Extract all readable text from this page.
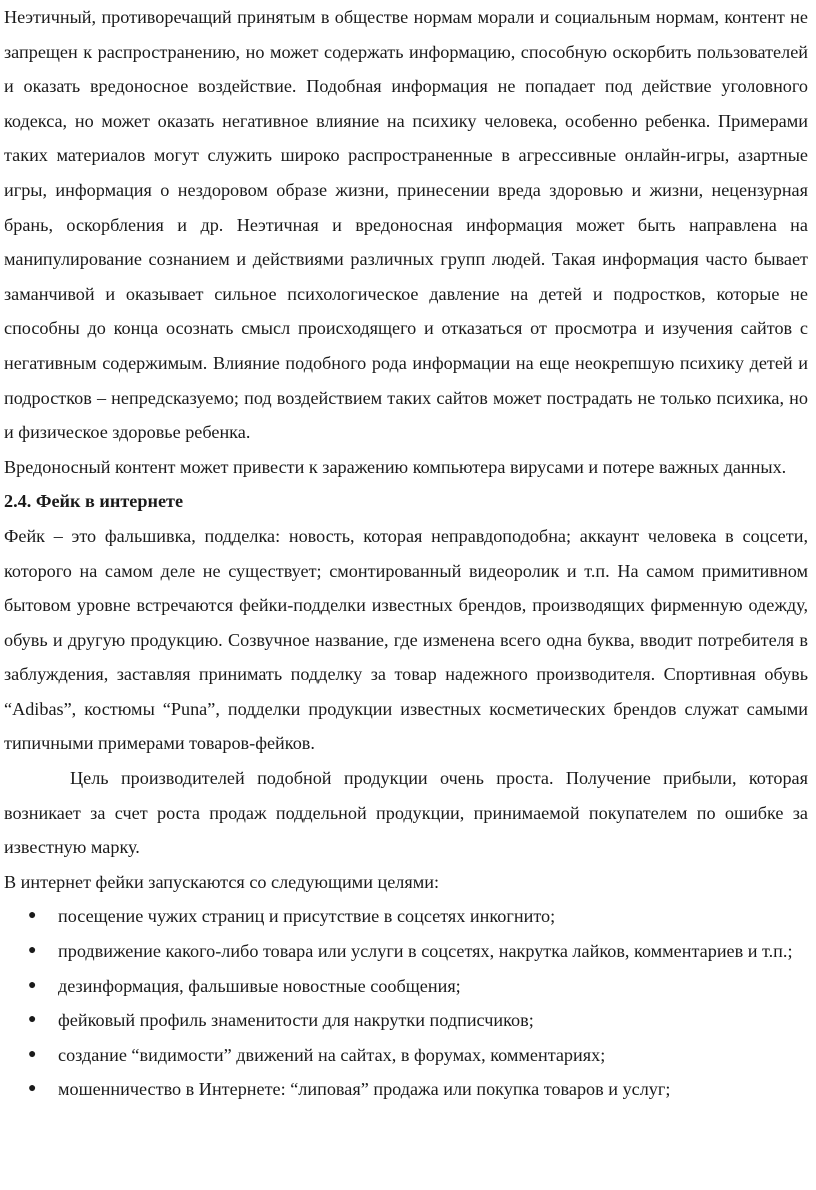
Неэтичный, противоречащий принятым в обществе нормам морали и социальным нормам, контент не запрещен к распространению, но может содержать информацию, способную оскорбить пользователей и оказать вредоносное воздействие. Подобная информация не попадает под действие уголовного кодекса, но может оказать негативное влияние на психику человека, особенно ребенка. Примерами таких материалов могут служить широко распространенные в агрессивные онлайн-игры, азартные игры, информация о нездоровом образе жизни, принесении вреда здоровью и жизни, нецензурная брань, оскорбления и др. Неэтичная и вредоносная информация может быть направлена на манипулирование сознанием и действиями различных групп людей. Такая информация часто бывает заманчивой и оказывает сильное психологическое давление на детей и подростков, которые не способны до конца осознать смысл происходящего и отказаться от просмотра и изучения сайтов с негативным содержимым. Влияние подобного рода информации на еще неокрепшую психику детей и подростков – непредсказуемо; под воздействием таких сайтов может пострадать не только психика, но и физическое здоровье ребенка.

Вредоносный контент может привести к заражению компьютера вирусами и потере важных данных.

2.4. Фейк в интернете

Фейк – это фальшивка, подделка: новость, которая неправдоподобна; аккаунт человека в соцсети, которого на самом деле не существует; смонтированный видеоролик и т.п. На самом примитивном бытовом уровне встречаются фейки-подделки известных брендов, производящих фирменную одежду, обувь и другую продукцию. Созвучное название, где изменена всего одна буква, вводит потребителя в заблуждения, заставляя принимать подделку за товар надежного производителя. Спортивная обувь “Adibas”, костюмы “Puna”, подделки продукции известных косметических брендов служат самыми типичными примерами товаров-фейков.

Цель производителей подобной продукции очень проста. Получение прибыли, которая возникает за счет роста продаж поддельной продукции, принимаемой покупателем по ошибке за известную марку.

В интернет фейки запускаются со следующими целями:

● посещение чужих страниц и присутствие в соцсетях инкогнито;
● продвижение какого-либо товара или услуги в соцсетях, накрутка лайков, комментариев и т.п.;
● дезинформация, фальшивые новостные сообщения;
● фейковый профиль знаменитости для накрутки подписчиков;
● создание “видимости” движений на сайтах, в форумах, комментариях;
● мошенничество в Интернете: “липовая” продажа или покупка товаров и услуг;
